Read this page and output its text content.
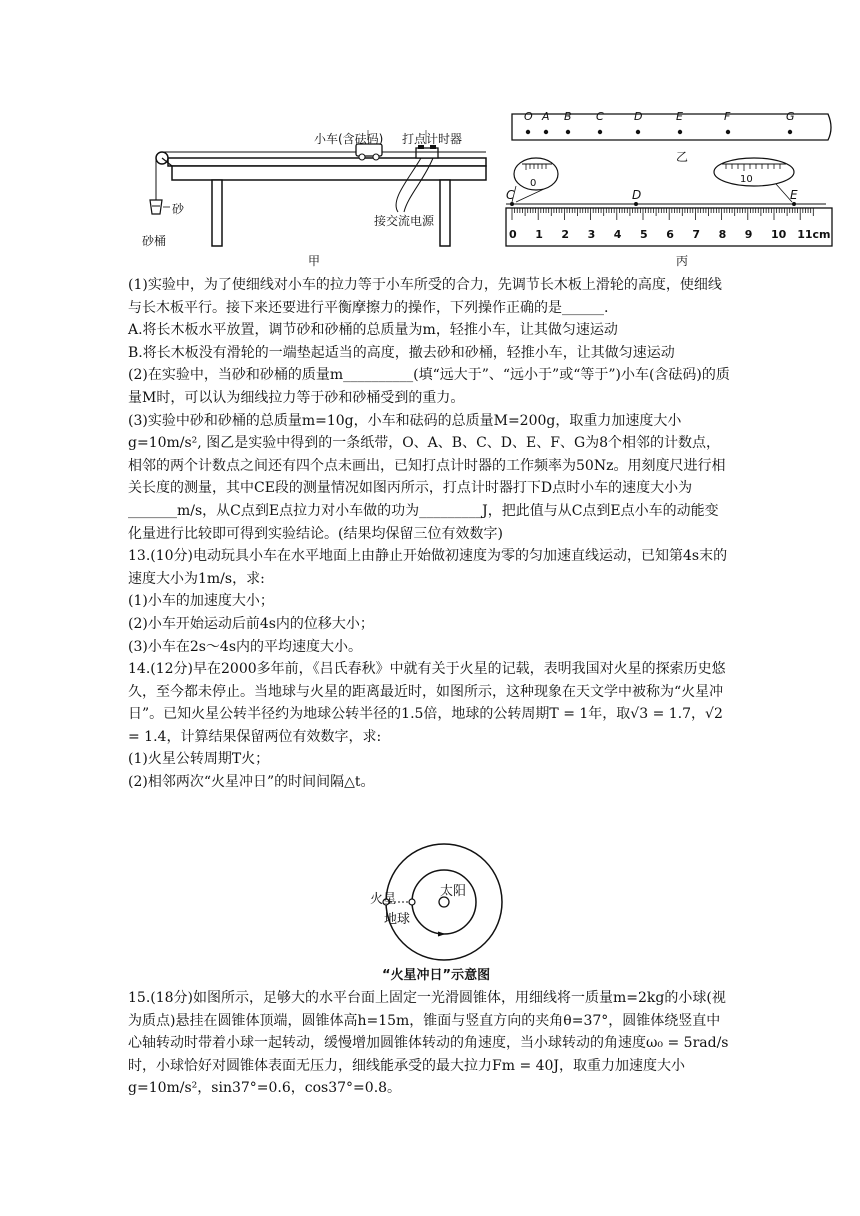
小车(含砝码) 打点计时器
砂
砂桶
接交流电源
甲
O A B C	D	E	F	G
乙
0	10
C	D	E
0 1 2 3 4 5 6 7 8 9 10 11cm
丙

(1)实验中，为了使细线对小车的拉力等于小车所受的合力，先调节长木板上滑轮的高度，使细线与长木板平行。接下来还要进行平衡摩擦力的操作，下列操作正确的是______.

A.将长木板水平放置，调节砂和砂桶的总质量为m，轻推小车，让其做匀速运动

B.将长木板没有滑轮的一端垫起适当的高度，撤去砂和砂桶，轻推小车，让其做匀速运动

(2)在实验中，当砂和砂桶的质量m__________(填“远大于”、“远小于”或“等于”)小车(含砝码)的质量M时，可以认为细线拉力等于砂和砂桶受到的重力。

(3)实验中砂和砂桶的总质量m=10g，小车和砝码的总质量M=200g，取重力加速度大小g=10m/s², 图乙是实验中得到的一条纸带，O、A、B、C、D、E、F、G为8个相邻的计数点，相邻的两个计数点之间还有四个点未画出，已知打点计时器的工作频率为50Nz。用刻度尺进行相关长度的测量，其中CE段的测量情况如图丙所示，打点计时器打下D点时小车的速度大小为_______m/s，从C点到E点拉力对小车做的功为_________J，把此值与从C点到E点小车的动能变化量进行比较即可得到实验结论。(结果均保留三位有效数字)

13.(10分)电动玩具小车在水平地面上由静止开始做初速度为零的匀加速直线运动，已知第4s末的速度大小为1m/s，求:

(1)小车的加速度大小；

(2)小车开始运动后前4s内的位移大小；

(3)小车在2s～4s内的平均速度大小。

14.(12分)早在2000多年前，《吕氏春秋》中就有关于火星的记载，表明我国对火星的探索历史悠久，至今都未停止。当地球与火星的距离最近时，如图所示，这种现象在天文学中被称为“火星冲日”。已知火星公转半径约为地球公转半径的1.5倍，地球的公转周期T = 1年，取√3 = 1.7，√2 = 1.4，计算结果保留两位有效数字，求:

(1)火星公转周期T火；

(2)相邻两次“火星冲日”的时间间隔△t。

火星
地球
太阳
“火星冲日”示意图

15.(18分)如图所示，足够大的水平台面上固定一光滑圆锥体，用细线将一质量m=2kg的小球(视为质点)悬挂在圆锥体顶端，圆锥体高h=15m，锥面与竖直方向的夹角θ=37°，圆锥体绕竖直中心轴转动时带着小球一起转动，缓慢增加圆锥体转动的角速度，当小球转动的角速度ω₀ = 5rad/s时，小球恰好对圆锥体表面无压力，细线能承受的最大拉力Fm = 40J，取重力加速度大小g=10m/s²，sin37°=0.6，cos37°=0.8。
